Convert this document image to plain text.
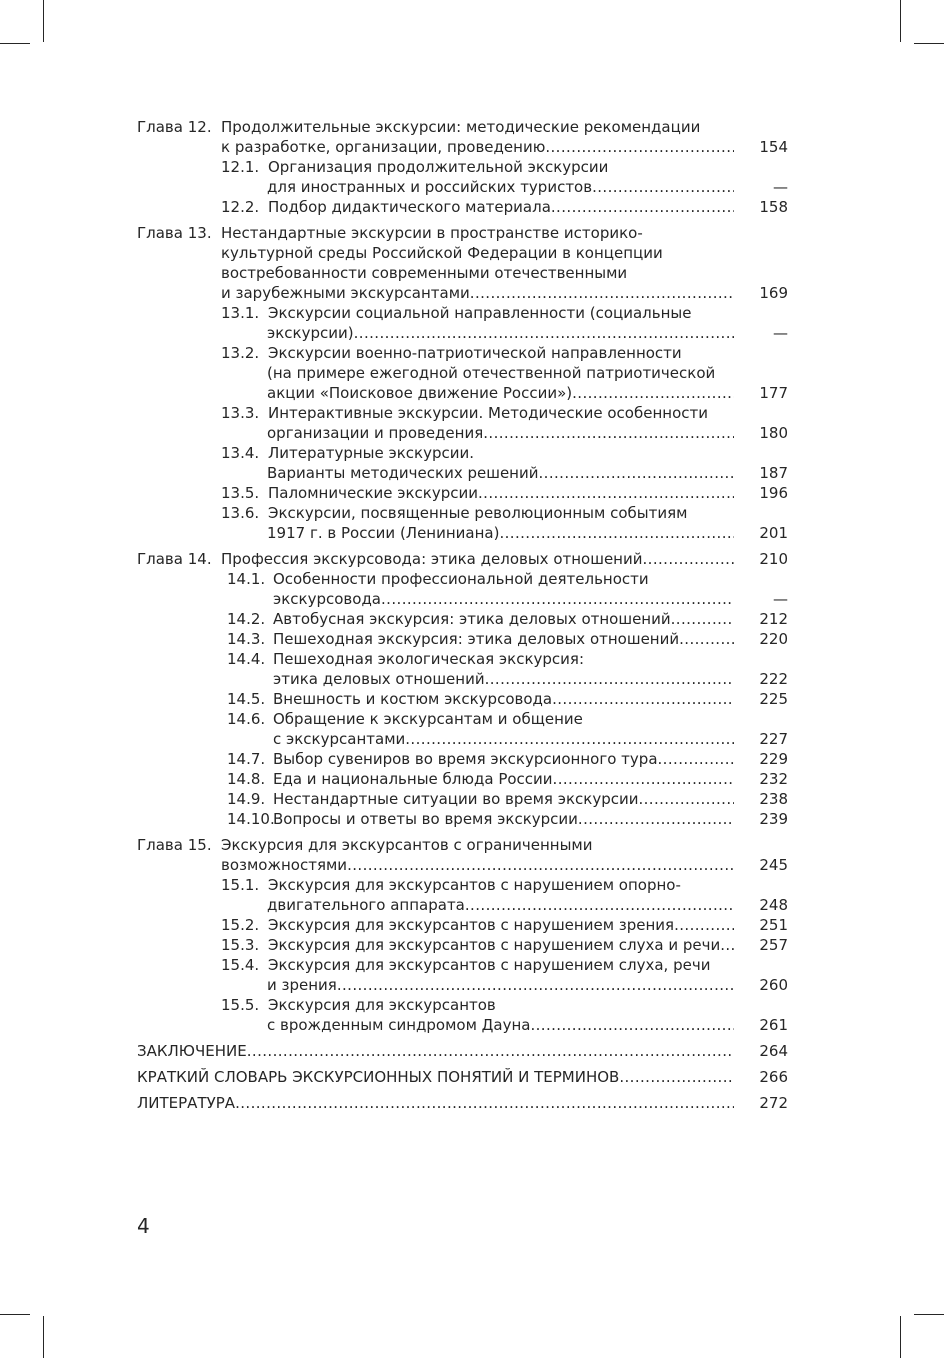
Глава 12. Продолжительные экскурсии: методические рекомендации
к разработке, организации, проведению .....	154
12.1. Организация продолжительной экскурсии
для иностранных и российских туристов .....	—
12.2. Подбор дидактического материала .....	158
Глава 13. Нестандартные экскурсии в пространстве историко-
культурной среды Российской Федерации в концепции
востребованности современными отечественными
и зарубежными экскурсантами .....	169
13.1. Экскурсии социальной направленности (социальные
экскурсии) .....	—
13.2. Экскурсии военно-патриотической направленности
(на примере ежегодной отечественной патриотической
акции «Поисковое движение России») .....	177
13.3. Интерактивные экскурсии. Методические особенности
организации и проведения .....	180
13.4. Литературные экскурсии.
Варианты методических решений .....	187
13.5. Паломнические экскурсии .....	196
13.6. Экскурсии, посвященные революционным событиям
1917 г. в России (Лениниана) .....	201
Глава 14. Профессия экскурсовода: этика деловых отношений .....	210
14.1. Особенности профессиональной деятельности
экскурсовода .....	—
14.2. Автобусная экскурсия: этика деловых отношений .....	212
14.3. Пешеходная экскурсия: этика деловых отношений .....	220
14.4. Пешеходная экологическая экскурсия:
этика деловых отношений .....	222
14.5. Внешность и костюм экскурсовода .....	225
14.6. Обращение к экскурсантам и общение
с экскурсантами .....	227
14.7. Выбор сувениров во время экскурсионного тура .....	229
14.8. Еда и национальные блюда России .....	232
14.9. Нестандартные ситуации во время экскурсии .....	238
14.10.
Вопросы и ответы во время экскурсии .....	239
Глава 15. Экскурсия для экскурсантов с ограниченными
возможностями .....	245
15.1. Экскурсия для экскурсантов с нарушением опорно-
двигательного аппарата .....	248
15.2. Экскурсия для экскурсантов с нарушением зрения .....	251
15.3. Экскурсия для экскурсантов с нарушением слуха и речи .....	257
15.4. Экскурсия для экскурсантов с нарушением слуха, речи
и зрения .....	260
15.5. Экскурсия для экскурсантов
с врожденным синдромом Дауна .....	261
ЗАКЛЮЧЕНИЕ .....	264
КРАТКИЙ СЛОВАРЬ ЭКСКУРСИОННЫХ ПОНЯТИЙ И ТЕРМИНОВ .....	266
ЛИТЕРАТУРА .....	272
4
